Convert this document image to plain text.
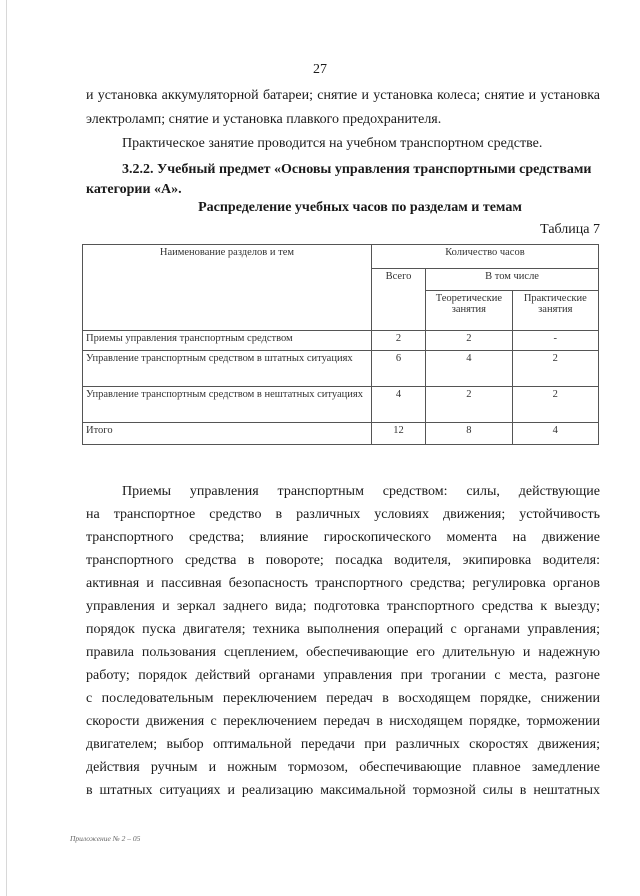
27
и установка аккумуляторной батареи; снятие и установка колеса; снятие и установка
электроламп; снятие и установка плавкого предохранителя.
Практическое занятие проводится на учебном транспортном средстве.
3.2.2. Учебный предмет «Основы управления транспортными средствами
категории «А».
Распределение учебных часов по разделам и темам
Таблица 7
Наименование разделов и тем	Количество часов		
	Всего	В том числе	
		Теоретические занятия	Практические занятия
Приемы управления транспортным средством	2	2	-
Управление транспортным средством в штатных ситуациях	6	4	2
Управление транспортным средством в нештатных ситуациях	4	2	2
Итого	12	8	4
Приемы управления транспортным средством: силы, действующие
на транспортное средство в различных условиях движения; устойчивость
транспортного средства; влияние гироскопического момента на движение
транспортного средства в повороте; посадка водителя, экипировка водителя:
активная и пассивная безопасность транспортного средства; регулировка органов
управления и зеркал заднего вида; подготовка транспортного средства к выезду;
порядок пуска двигателя; техника выполнения операций с органами управления;
правила пользования сцеплением, обеспечивающие его длительную и надежную
работу; порядок действий органами управления при трогании с места, разгоне
с последовательным переключением передач в восходящем порядке, снижении
скорости движения с переключением передач в нисходящем порядке, торможении
двигателем; выбор оптимальной передачи при различных скоростях движения;
действия ручным и ножным тормозом, обеспечивающие плавное замедление
в штатных ситуациях и реализацию максимальной тормозной силы в нештатных
Приложение № 2 – 05
